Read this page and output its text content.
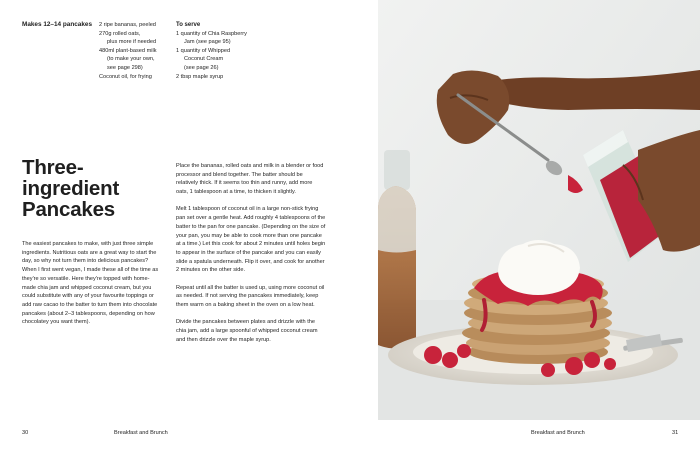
Makes 12–14 pancakes 2 ripe bananas, peeled
270g rolled oats,
plus more if needed
480ml plant-based milk
(to make your own,
see page 298)
Coconut oil, for frying
To serve
1 quantity of Chia Raspberry
Jam (see page 95)
1 quantity of Whipped
Coconut Cream
(see page 26)
2 tbsp maple syrup
Three-
ingredient
Pancakes
The easiest pancakes to make, with just three simple ingredients. Nutritious oats are a great way to start the day, so why not turn them into delicious pancakes? When I first went vegan, I made these all of the time as they're so versatile. Here they're topped with home-made chia jam and whipped coconut cream, but you could substitute with any of your favourite toppings or add raw cacao to the batter to turn them into chocolate pancakes (about 2–3 tablespoons, depending on how chocolatey you want them).

Place the bananas, rolled oats and milk in a blender or food processor and blend together. The batter should be relatively thick. If it seems too thin and runny, add more oats, 1 tablespoon at a time, to thicken it slightly.

Melt 1 tablespoon of coconut oil in a large non-stick frying pan set over a gentle heat. Add roughly 4 tablespoons of the batter to the pan for one pancake. (Depending on the size of your pan, you may be able to cook more than one pancake at a time.) Let this cook for about 2 minutes until holes begin to appear in the surface of the pancake and you can easily slide a spatula underneath. Flip it over, and cook for another 2 minutes on the other side.

Repeat until all the batter is used up, using more coconut oil as needed. If not serving the pancakes immediately, keep them warm on a baking sheet in the oven on a low heat.

Divide the pancakes between plates and drizzle with the chia jam, add a large spoonful of whipped coconut cream and then drizzle over the maple syrup.

30	Breakfast and Brunch	Breakfast and Brunch	31
